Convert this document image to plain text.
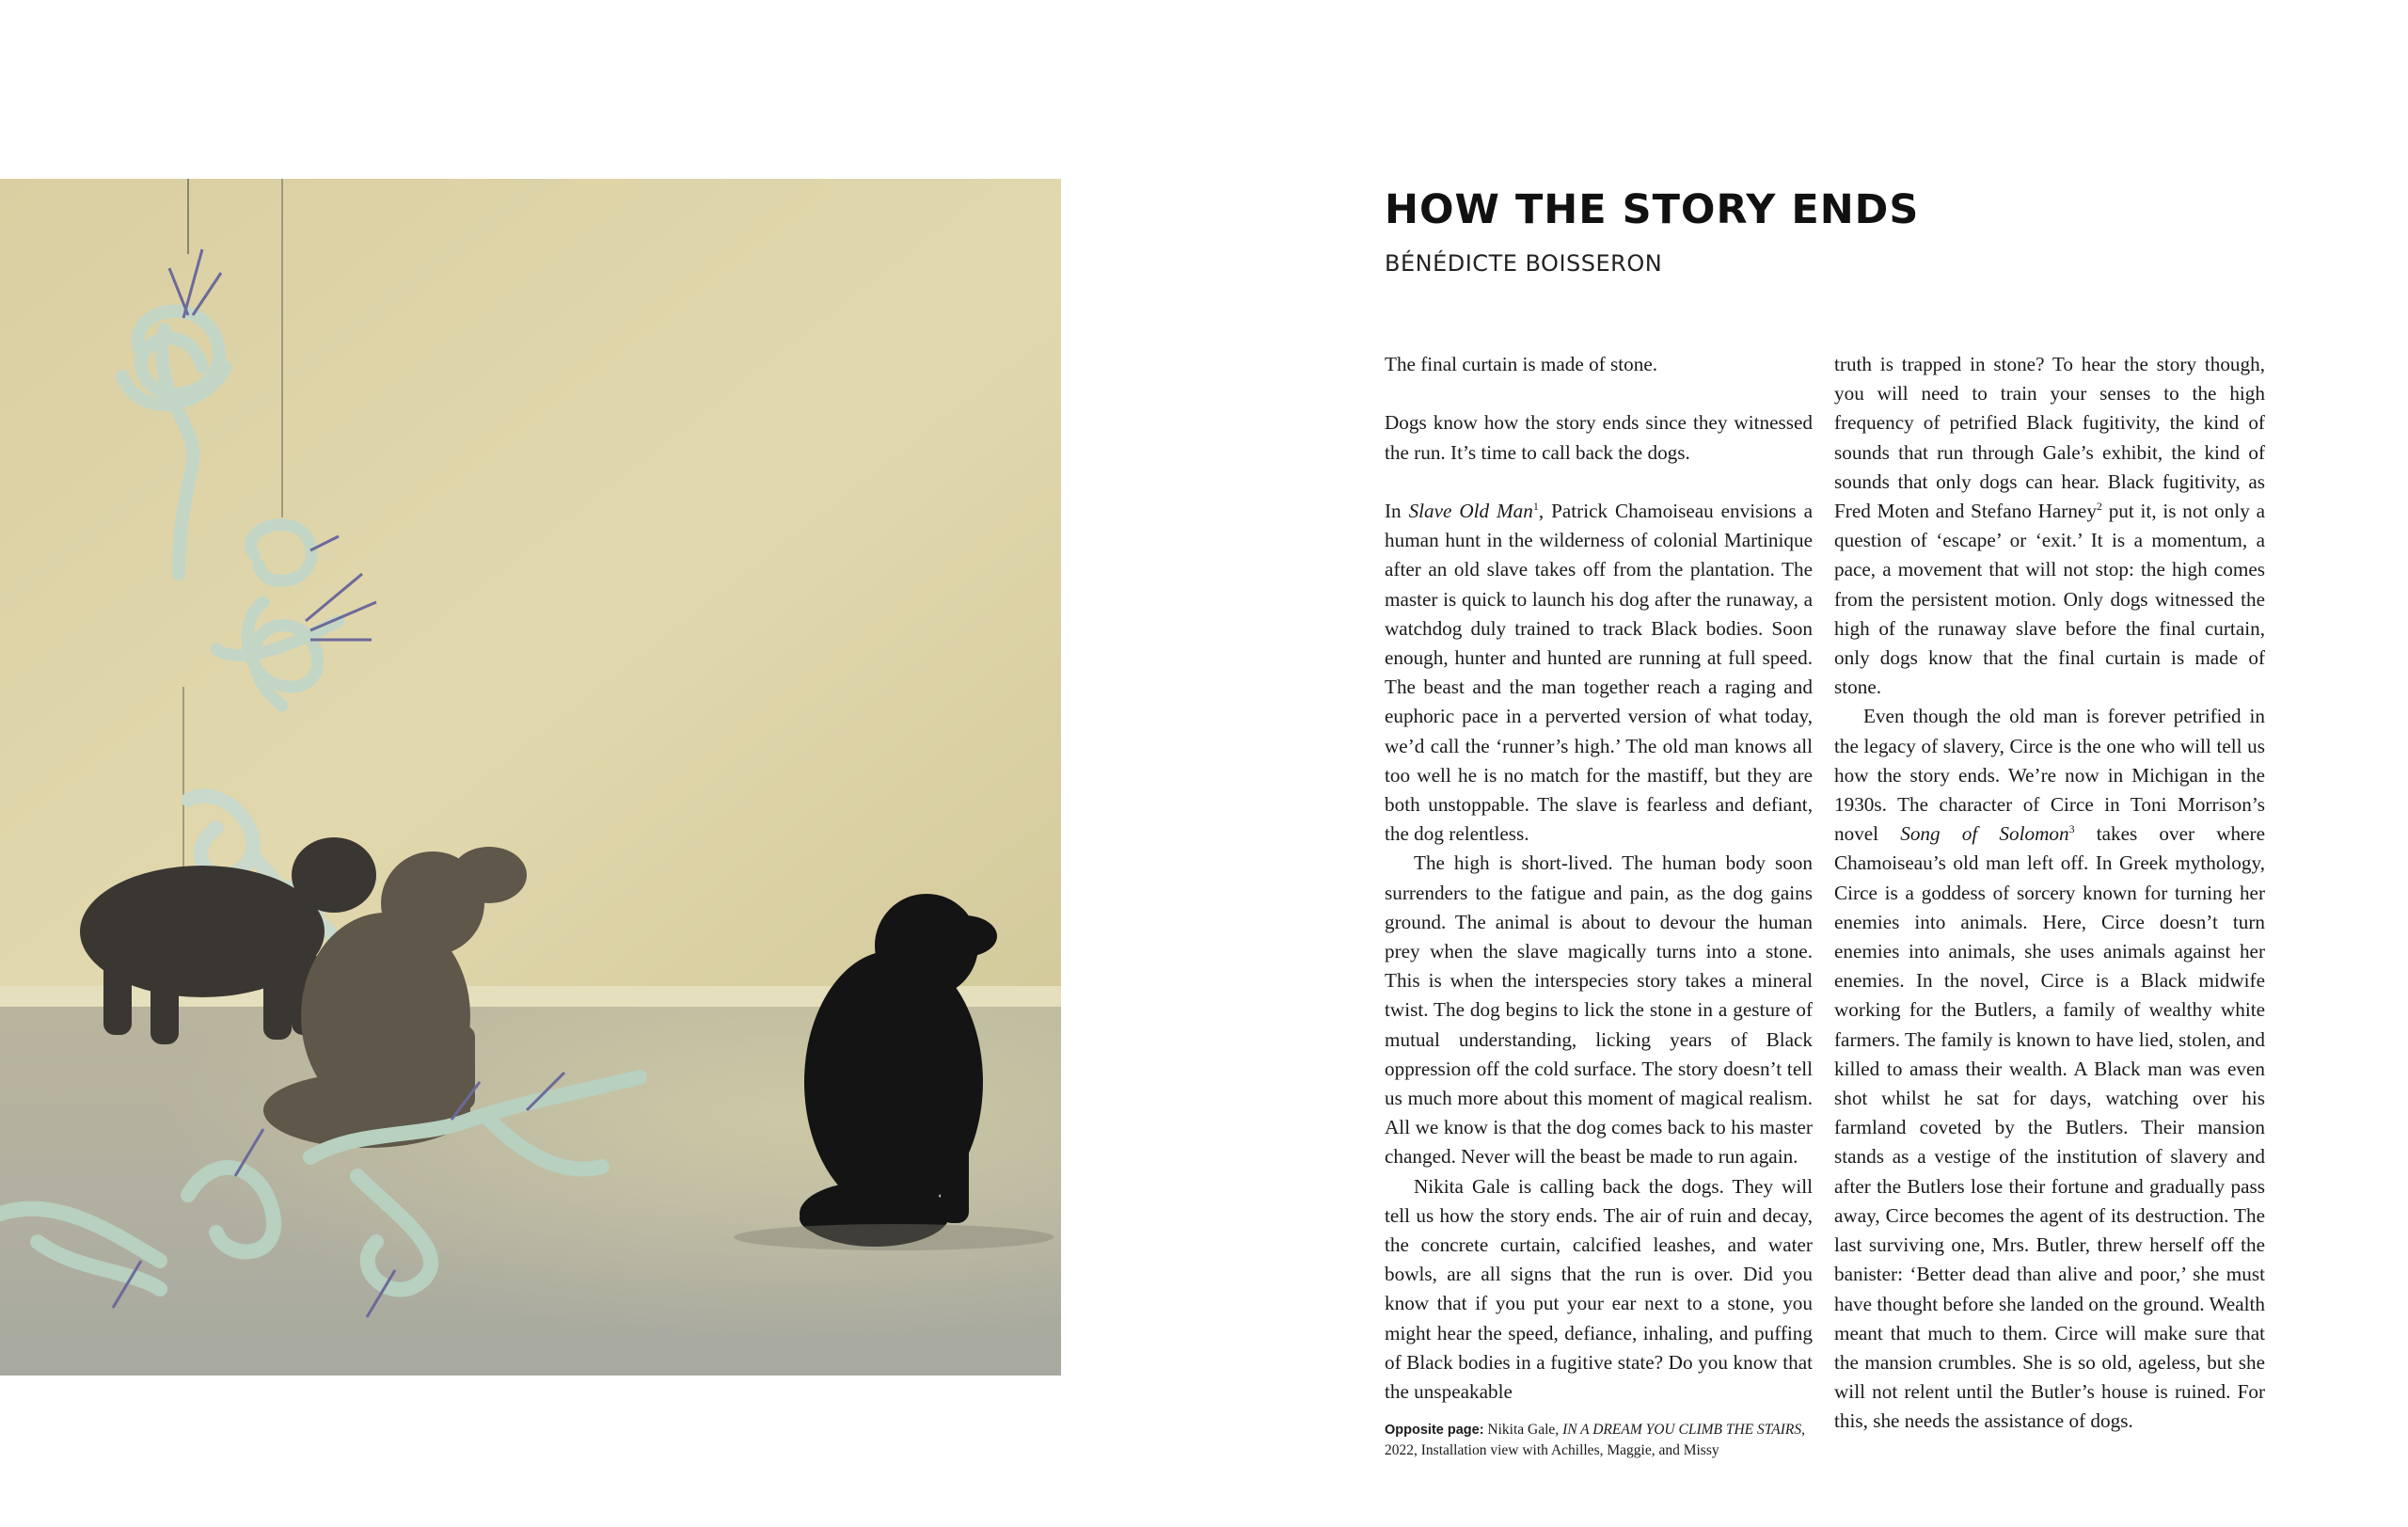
HOW THE STORY ENDS
BÉNÉDICTE BOISSERON

The final curtain is made of stone.

Dogs know how the story ends since they witnessed the run. It’s time to call back the dogs.

In Slave Old Man$^1$, Patrick Chamoiseau envisions a human hunt in the wilderness of colonial Martinique after an old slave takes off from the plantation. The master is quick to launch his dog after the runaway, a watchdog duly trained to track Black bodies. Soon enough, hunter and hunted are running at full speed. The beast and the man together reach a raging and euphoric pace in a perverted version of what today, we’d call the ‘runner’s high.’ The old man knows all too well he is no match for the mastiff, but they are both unstoppable. The slave is fearless and defiant, the dog relentless.

The high is short-lived. The human body soon surrenders to the fatigue and pain, as the dog gains ground. The animal is about to devour the human prey when the slave magically turns into a stone. This is when the interspecies story takes a mineral twist. The dog begins to lick the stone in a gesture of mutual understanding, licking years of Black oppression off the cold surface. The story doesn’t tell us much more about this moment of magical realism. All we know is that the dog comes back to his master changed. Never will the beast be made to run again.

Nikita Gale is calling back the dogs. They will tell us how the story ends. The air of ruin and decay, the concrete curtain, calcified leashes, and water bowls, are all signs that the run is over. Did you know that if you put your ear next to a stone, you might hear the speed, defiance, inhaling, and puffing of Black bodies in a fugitive state? Do you know that the unspeakable

truth is trapped in stone? To hear the story though, you will need to train your senses to the high frequency of petrified Black fugitivity, the kind of sounds that run through Gale’s exhibit, the kind of sounds that only dogs can hear. Black fugitivity, as Fred Moten and Stefano Harney$^2$ put it, is not only a question of ‘escape’ or ‘exit.’ It is a momentum, a pace, a movement that will not stop: the high comes from the persistent motion. Only dogs witnessed the high of the runaway slave before the final curtain, only dogs know that the final curtain is made of stone.

Even though the old man is forever petrified in the legacy of slavery, Circe is the one who will tell us how the story ends. We’re now in Michigan in the 1930s. The character of Circe in Toni Morrison’s novel Song of Solomon$^3$ takes over where Chamoiseau’s old man left off. In Greek mythology, Circe is a goddess of sorcery known for turning her enemies into animals. Here, Circe doesn’t turn enemies into animals, she uses animals against her enemies. In the novel, Circe is a Black midwife working for the Butlers, a family of wealthy white farmers. The family is known to have lied, stolen, and killed to amass their wealth. A Black man was even shot whilst he sat for days, watching over his farmland coveted by the Butlers. Their mansion stands as a vestige of the institution of slavery and after the Butlers lose their fortune and gradually pass away, Circe becomes the agent of its destruction. The last surviving one, Mrs. Butler, threw herself off the banister: ‘Better dead than alive and poor,’ she must have thought before she landed on the ground. Wealth meant that much to them. Circe will make sure that the mansion crumbles. She is so old, ageless, but she will not relent until the Butler’s house is ruined. For this, she needs the assistance of dogs.

Opposite page: Nikita Gale, IN A DREAM YOU CLIMB THE STAIRS, 2022, Installation view with Achilles, Maggie, and Missy
